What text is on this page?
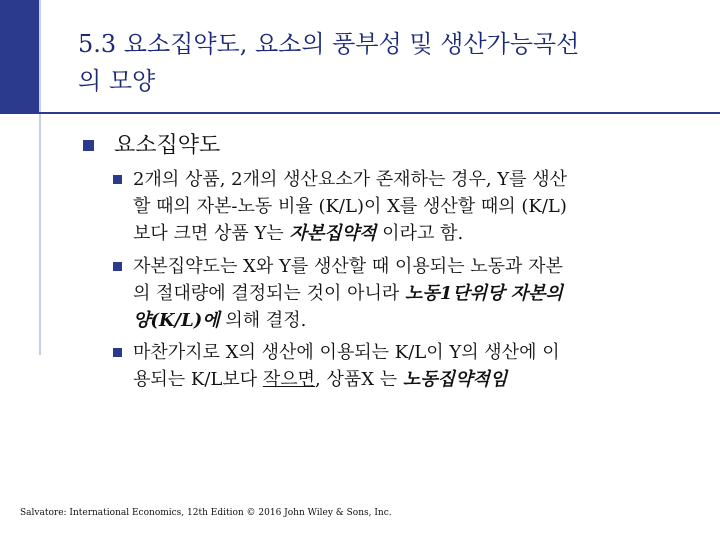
5.3 요소집약도, 요소의 풍부성 및 생산가능곡선
의 모양
요소집약도
2개의 상품, 2개의 생산요소가 존재하는 경우, Y를 생산
할 때의 자본-노동 비율 (K/L)이 X를 생산할 때의 (K/L)
보다 크면 상품 Y는 자본집약적 이라고 함.
자본집약도는 X와 Y를 생산할 때 이용되는 노동과 자본
의 절대량에 결정되는 것이 아니라 노동1단위당 자본의
양(K/L)에 의해 결정.
마찬가지로 X의 생산에 이용되는 K/L이 Y의 생산에 이
용되는 K/L보다 작으면, 상품X 는 노동집약적임
Salvatore: International Economics, 12th Edition © 2016 John Wiley & Sons, Inc.
